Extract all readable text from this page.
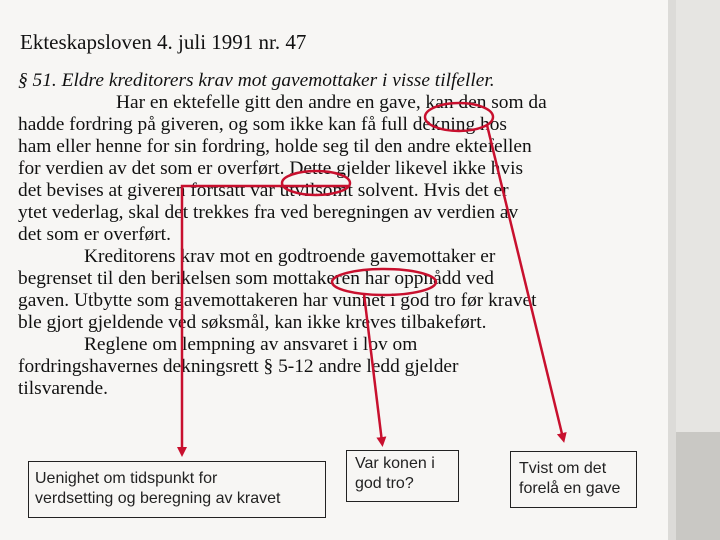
Ekteskapsloven 4. juli 1991 nr. 47
§ 51. Eldre kreditorers krav mot gavemottaker i visse tilfeller.
Har en ektefelle gitt den andre en gave, kan den som da
hadde fordring på giveren, og som ikke kan få full dekning hos
ham eller henne for sin fordring, holde seg til den andre ektefellen
for verdien av det som er overført. Dette gjelder likevel ikke hvis
det bevises at giveren fortsatt var utvilsomt solvent. Hvis det er
ytet vederlag, skal det trekkes fra ved beregningen av verdien av
det som er overført.
Kreditorens krav mot en godtroende gavemottaker er
begrenset til den berikelsen som mottakeren har oppnådd ved
gaven. Utbytte som gavemottakeren har vunnet i god tro før kravet
ble gjort gjeldende ved søksmål, kan ikke kreves tilbakeført.
Reglene om lempning av ansvaret i lov om
fordringshavernes dekningsrett § 5-12 andre ledd gjelder
tilsvarende.
Uenighet om tidspunkt for
verdsetting og beregning av kravet
Var konen i
god tro?
Tvist om det
forelå en gave
